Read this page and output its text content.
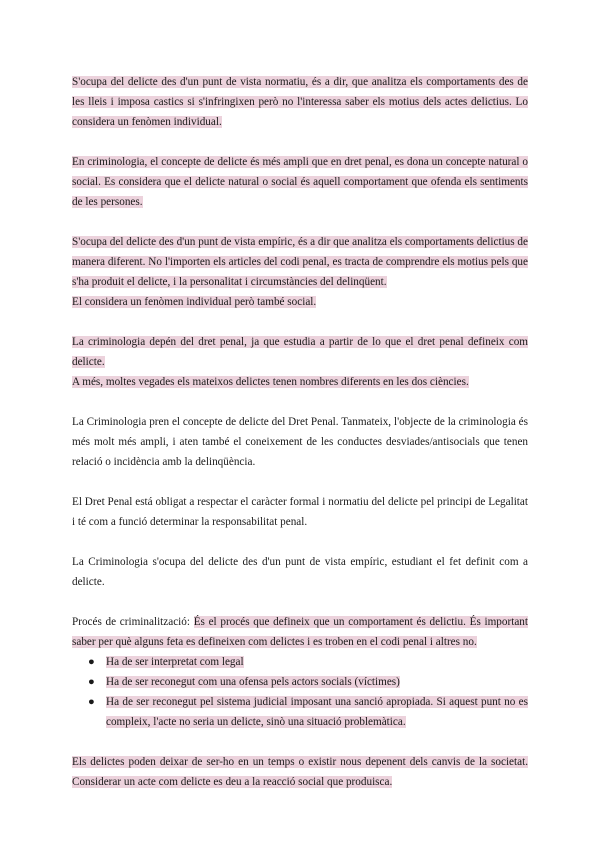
S'ocupa del delicte des d'un punt de vista normatiu, és a dir, que analitza els comportaments des de les lleis i imposa castics si s'infringixen però no l'interessa saber els motius dels actes delictius. Lo considera un fenòmen individual.

En criminologia, el concepte de delicte és més ampli que en dret penal, es dona un concepte natural o social. Es considera que el delicte natural o social és aquell comportament que ofenda els sentiments de les persones.

S'ocupa del delicte des d'un punt de vista empíric, és a dir que analitza els comportaments delictius de manera diferent. No l'importen els articles del codi penal, es tracta de comprendre els motius pels que s'ha produit el delicte, i la personalitat i circumstàncies del delinqüent.
El considera un fenòmen individual però també social.

La criminologia depén del dret penal, ja que estudia a partir de lo que el dret penal defineix com delicte.
A més, moltes vegades els mateixos delictes tenen nombres diferents en les dos ciències.

La Criminologia pren el concepte de delicte del Dret Penal. Tanmateix, l'objecte de la criminologia és més molt més ampli, i aten també el coneixement de les conductes desviades/antisocials que tenen relació o incidència amb la delinqüència.

El Dret Penal está obligat a respectar el caràcter formal i normatiu del delicte pel principi de Legalitat i té com a funció determinar la responsabilitat penal.

La Criminologia s'ocupa del delicte des d'un punt de vista empíric, estudiant el fet definit com a delicte.

Procés de criminalització: És el procés que defineix que un comportament és delictiu. És important saber per què alguns feta es defineixen com delictes i es troben en el codi penal i altres no.

● Ha de ser interpretat com legal
● Ha de ser reconegut com una ofensa pels actors socials (víctimes)
● Ha de ser reconegut pel sistema judicial imposant una sanció apropiada. Si aquest punt no es compleix, l'acte no seria un delicte, sinò una situació problemàtica.

Els delictes poden deixar de ser-ho en un temps o existir nous depenent dels canvis de la societat. Considerar un acte com delicte es deu a la reacció social que produisca.
